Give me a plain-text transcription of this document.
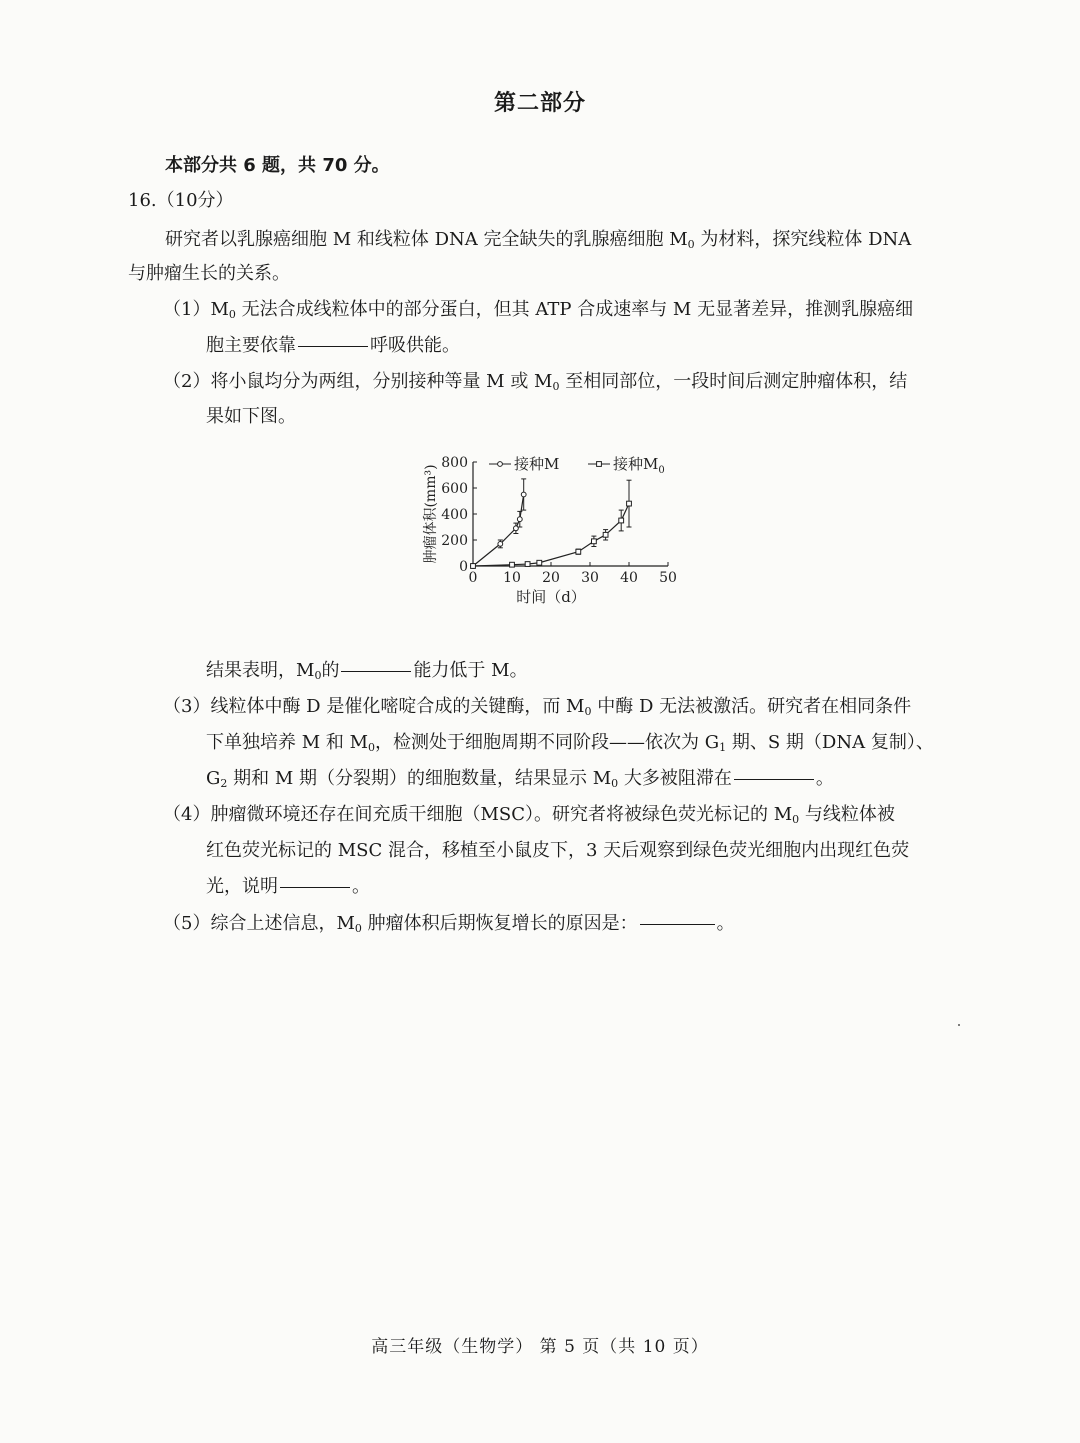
第二部分
本部分共 6 题，共 70 分。
16.（10分）
研究者以乳腺癌细胞 M 和线粒体 DNA 完全缺失的乳腺癌细胞 $M_0$ 为材料，探究线粒体 DNA
与肿瘤生长的关系。
$(1)M_0$ 无法合成线粒体中的部分蛋白，但其 ATP 合成速率与 M 无显著差异，推测乳腺癌细
胞主要依靠	呼吸供能。
（2）将小鼠均分为两组，分别接种等量 M 或 $M_0$ 至相同部位，一段时间后测定肿瘤体积，结
果如下图。
0 10 20 30 40 50
0
200
400
600
800
时间（d）
肿瘤体积(mm³)
接种M	接种$M_0$
结果表明，$M_0$的	能力低于 M。
（3）线粒体中酶 D 是催化嘧啶合成的关键酶，而 $M_0$ 中酶 D 无法被激活。研究者在相同条件
下单独培养 M 和 $M_0$，检测处于细胞周期不同阶段——依次为 $G_1$ 期、S 期（DNA 复制）、
$G_2$ 期和 M 期（分裂期）的细胞数量，结果显示 $M_0$ 大多被阻滞在	。
（4）肿瘤微环境还存在间充质干细胞（MSC）。研究者将被绿色荧光标记的 $M_0$ 与线粒体被
红色荧光标记的 MSC 混合，移植至小鼠皮下，3 天后观察到绿色荧光细胞内出现红色荧
光，说明	。
（5）综合上述信息，$M_0$ 肿瘤体积后期恢复增长的原因是：	。
高三年级（生物学） 第 5 页（共 10 页）
